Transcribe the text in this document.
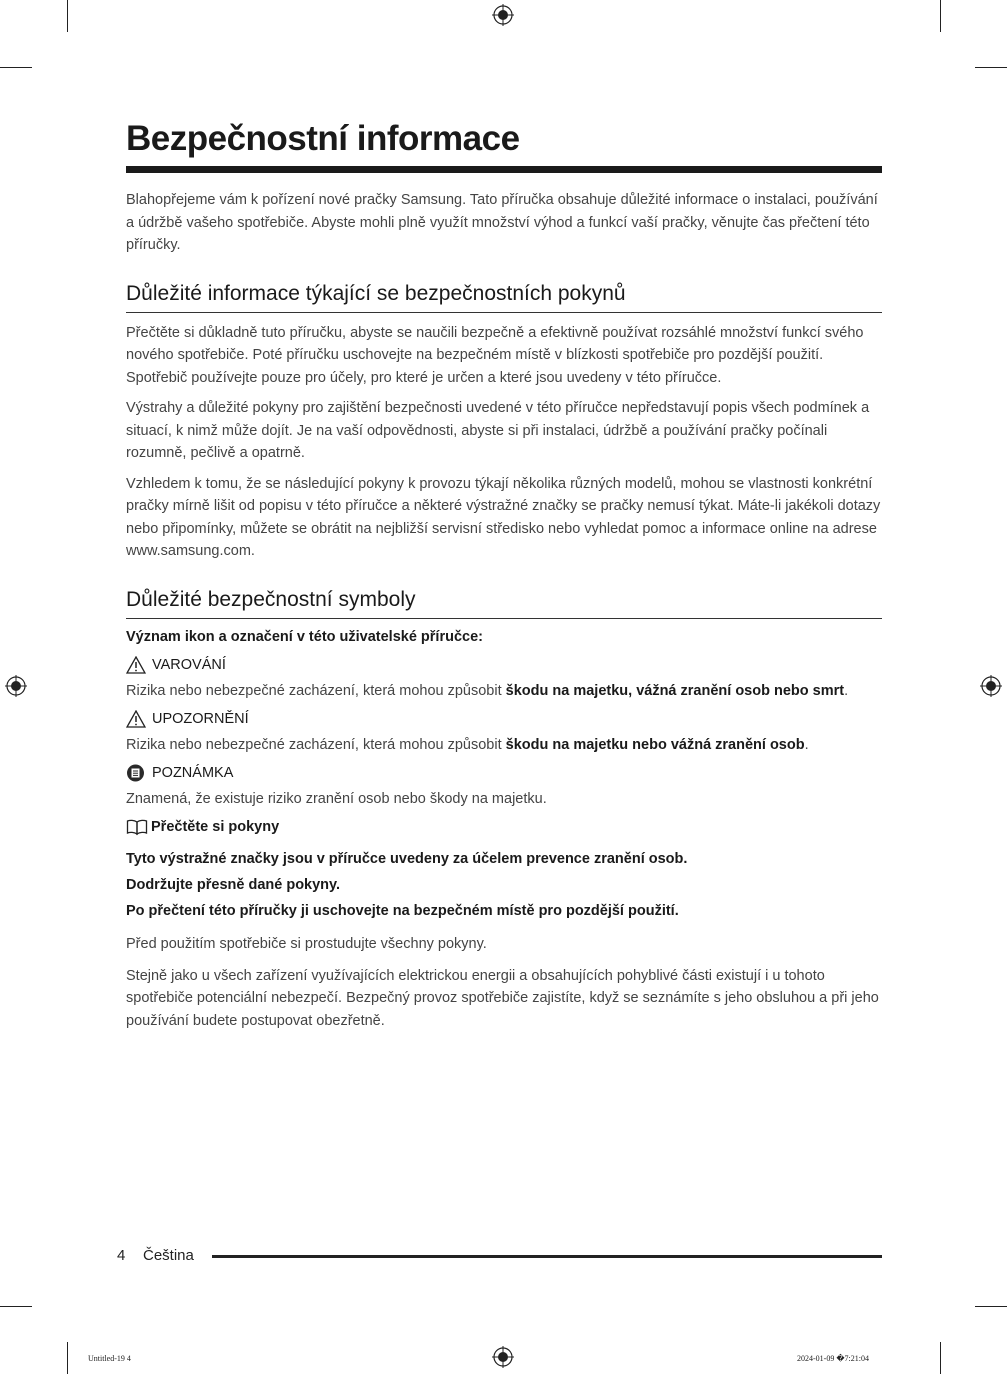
Bezpečnostní informace
Blahopřejeme vám k pořízení nové pračky Samsung. Tato příručka obsahuje důležité informace o instalaci, používání a údržbě vašeho spotřebiče. Abyste mohli plně využít množství výhod a funkcí vaší pračky, věnujte čas přečtení této příručky.
Důležité informace týkající se bezpečnostních pokynů
Přečtěte si důkladně tuto příručku, abyste se naučili bezpečně a efektivně používat rozsáhlé množství funkcí svého nového spotřebiče. Poté příručku uschovejte na bezpečném místě v blízkosti spotřebiče pro pozdější použití. Spotřebič používejte pouze pro účely, pro které je určen a které jsou uvedeny v této příručce.
Výstrahy a důležité pokyny pro zajištění bezpečnosti uvedené v této příručce nepředstavují popis všech podmínek a situací, k nimž může dojít. Je na vaší odpovědnosti, abyste si při instalaci, údržbě a používání pračky počínali rozumně, pečlivě a opatrně.
Vzhledem k tomu, že se následující pokyny k provozu týkají několika různých modelů, mohou se vlastnosti konkrétní pračky mírně lišit od popisu v této příručce a některé výstražné značky se pračky nemusí týkat. Máte-li jakékoli dotazy nebo připomínky, můžete se obrátit na nejbližší servisní středisko nebo vyhledat pomoc a informace online na adrese www.samsung.com.
Důležité bezpečnostní symboly
Význam ikon a označení v této uživatelské příručce:
VAROVÁNÍ
Rizika nebo nebezpečné zacházení, která mohou způsobit škodu na majetku, vážná zranění osob nebo smrt.
UPOZORNĚNÍ
Rizika nebo nebezpečné zacházení, která mohou způsobit škodu na majetku nebo vážná zranění osob.
POZNÁMKA
Znamená, že existuje riziko zranění osob nebo škody na majetku.
Přečtěte si pokyny
Tyto výstražné značky jsou v příručce uvedeny za účelem prevence zranění osob.
Dodržujte přesně dané pokyny.
Po přečtení této příručky ji uschovejte na bezpečném místě pro pozdější použití.
Před použitím spotřebiče si prostudujte všechny pokyny.
Stejně jako u všech zařízení využívajících elektrickou energii a obsahujících pohyblivé části existují i u tohoto spotřebiče potenciální nebezpečí. Bezpečný provoz spotřebiče zajistíte, když se seznámíte s jeho obsluhou a při jeho používání budete postupovat obezřetně.
4 Čeština
Untitled-19 4	2024-01-09 �7:21:04
